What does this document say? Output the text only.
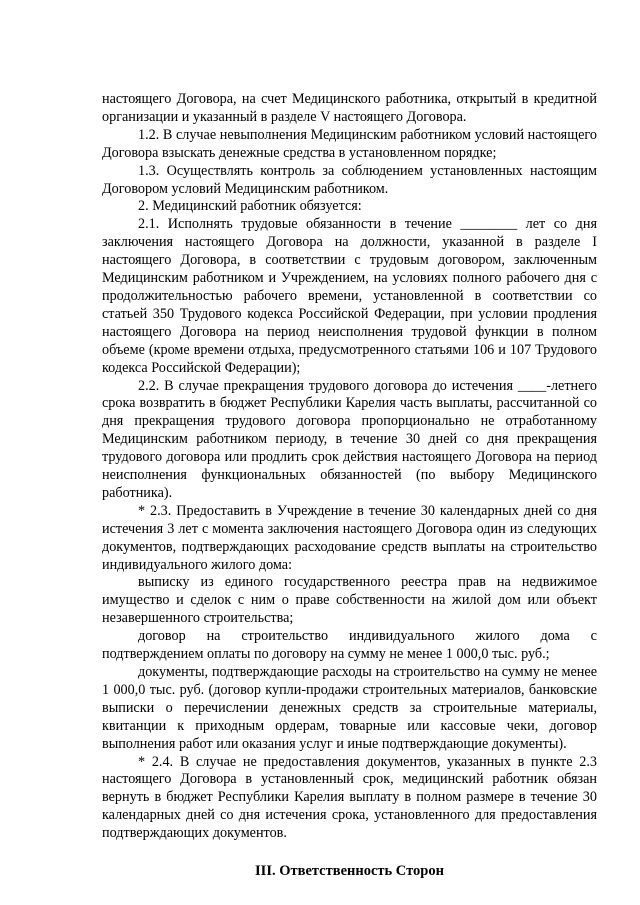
настоящего Договора, на счет Медицинского работника, открытый в кредитной организации и указанный в разделе V настоящего Договора.

1.2. В случае невыполнения Медицинским работником условий настоящего Договора взыскать денежные средства в установленном порядке;

1.3. Осуществлять контроль за соблюдением установленных настоящим Договором условий Медицинским работником.

2. Медицинский работник обязуется:

2.1. Исполнять трудовые обязанности в течение ________ лет со дня заключения настоящего Договора на должности, указанной в разделе I настоящего Договора, в соответствии с трудовым договором, заключенным Медицинским работником и Учреждением, на условиях полного рабочего дня с продолжительностью рабочего времени, установленной в соответствии со статьей 350 Трудового кодекса Российской Федерации, при условии продления настоящего Договора на период неисполнения трудовой функции в полном объеме (кроме времени отдыха, предусмотренного статьями 106 и 107 Трудового кодекса Российской Федерации);

2.2. В случае прекращения трудового договора до истечения ____-летнего срока возвратить в бюджет Республики Карелия часть выплаты, рассчитанной со дня прекращения трудового договора пропорционально не отработанному Медицинским работником периоду, в течение 30 дней со дня прекращения трудового договора или продлить срок действия настоящего Договора на период неисполнения функциональных обязанностей (по выбору Медицинского работника).

* 2.3. Предоставить в Учреждение в течение 30 календарных дней со дня истечения 3 лет с момента заключения настоящего Договора один из следующих документов, подтверждающих расходование средств выплаты на строительство индивидуального жилого дома:

выписку из единого государственного реестра прав на недвижимое имущество и сделок с ним о праве собственности на жилой дом или объект незавершенного строительства;

договор на строительство индивидуального жилого дома с подтверждением оплаты по договору на сумму не менее 1 000,0 тыс. руб.;

документы, подтверждающие расходы на строительство на сумму не менее 1 000,0 тыс. руб. (договор купли-продажи строительных материалов, банковские выписки о перечислении денежных средств за строительные материалы, квитанции к приходным ордерам, товарные или кассовые чеки, договор выполнения работ или оказания услуг и иные подтверждающие документы).

* 2.4. В случае не предоставления документов, указанных в пункте 2.3 настоящего Договора в установленный срок, медицинский работник обязан вернуть в бюджет Республики Карелия выплату в полном размере в течение 30 календарных дней со дня истечения срока, установленного для предоставления подтверждающих документов.

III. Ответственность Сторон
